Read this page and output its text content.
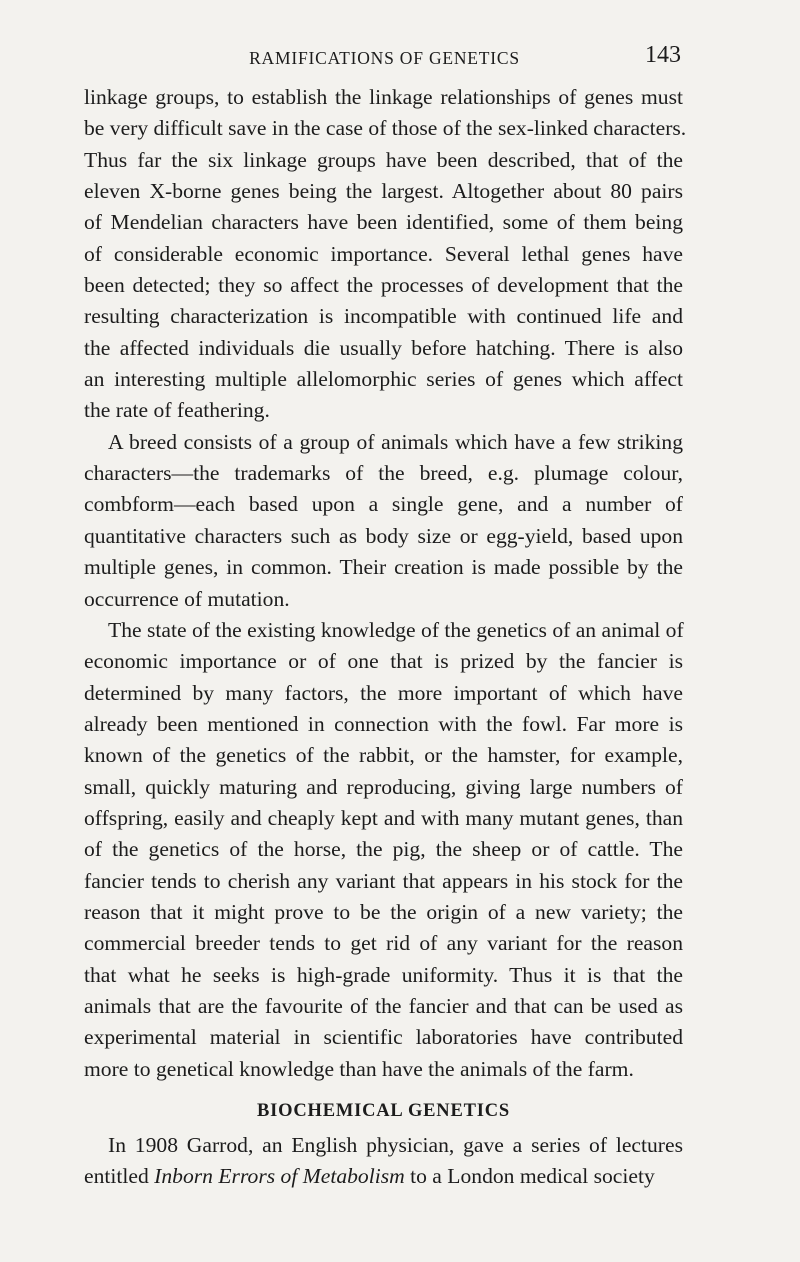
RAMIFICATIONS OF GENETICS	143
linkage groups, to establish the linkage relationships of genes must
be very difficult save in the case of those of the sex-linked characters.
Thus far the six linkage groups have been described, that of the
eleven X-borne genes being the largest. Altogether about 80 pairs
of Mendelian characters have been identified, some of them being
of considerable economic importance. Several lethal genes have
been detected; they so affect the processes of development that the
resulting characterization is incompatible with continued life and
the affected individuals die usually before hatching. There is also
an interesting multiple allelomorphic series of genes which affect
the rate of feathering.
A breed consists of a group of animals which have a few striking
characters—the trademarks of the breed, e.g. plumage colour,
combform—each based upon a single gene, and a number of
quantitative characters such as body size or egg-yield, based upon
multiple genes, in common. Their creation is made possible by the
occurrence of mutation.
The state of the existing knowledge of the genetics of an animal of
economic importance or of one that is prized by the fancier is
determined by many factors, the more important of which have
already been mentioned in connection with the fowl. Far more is
known of the genetics of the rabbit, or the hamster, for example,
small, quickly maturing and reproducing, giving large numbers of
offspring, easily and cheaply kept and with many mutant genes, than
of the genetics of the horse, the pig, the sheep or of cattle. The
fancier tends to cherish any variant that appears in his stock for the
reason that it might prove to be the origin of a new variety; the
commercial breeder tends to get rid of any variant for the reason
that what he seeks is high-grade uniformity. Thus it is that the
animals that are the favourite of the fancier and that can be used as
experimental material in scientific laboratories have contributed
more to genetical knowledge than have the animals of the farm.
BIOCHEMICAL GENETICS
In 1908 Garrod, an English physician, gave a series of lectures
entitled Inborn Errors of Metabolism to a London medical society
